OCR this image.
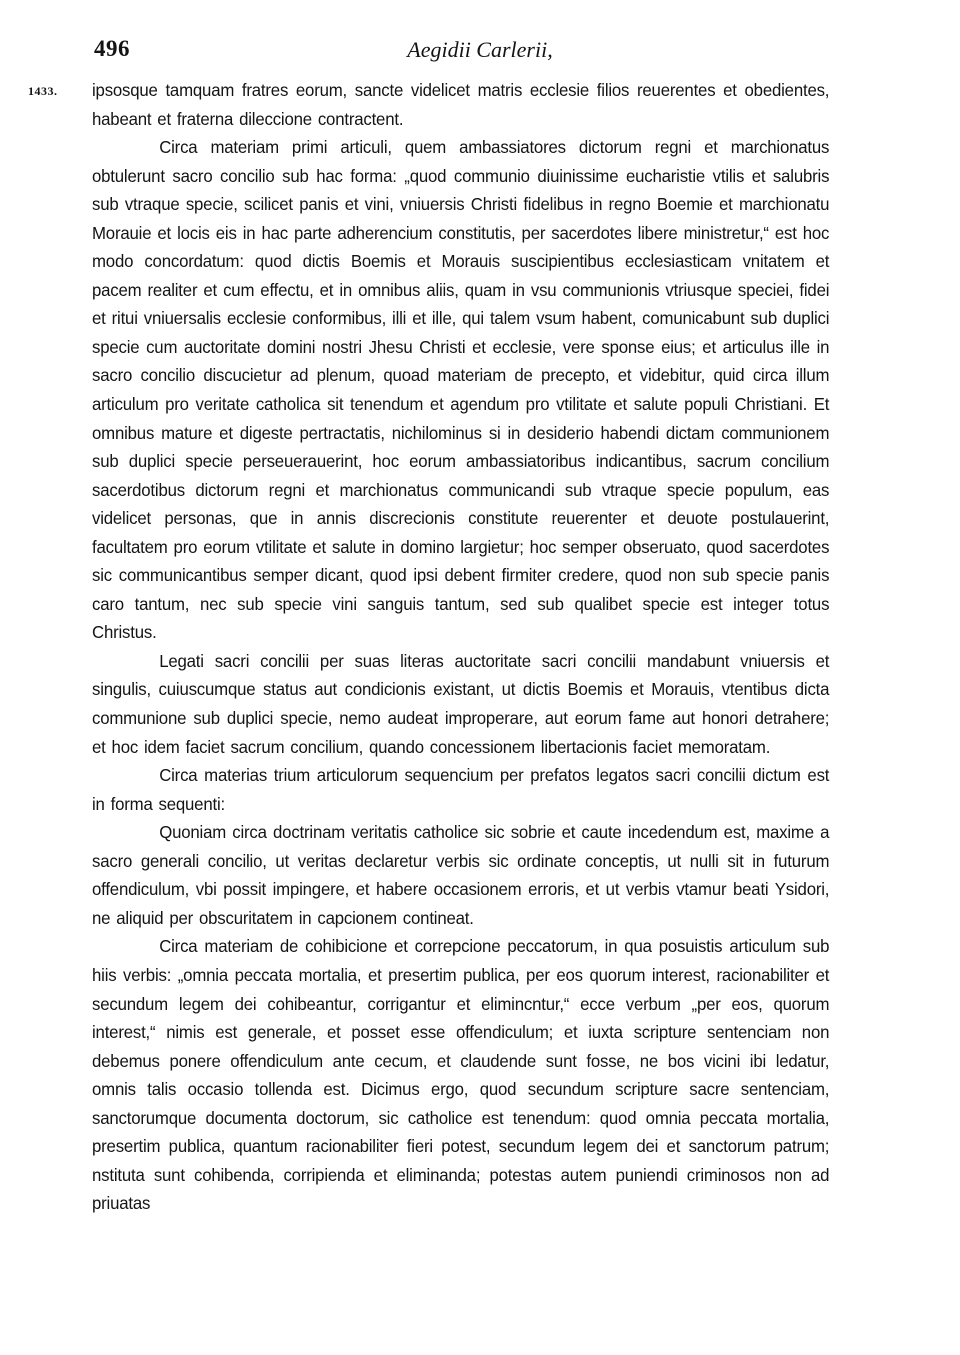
496	Aegidii Carlerii,
1433. ipsosque tamquam fratres eorum, sancte videlicet matris ecclesie filios reuerentes et obedientes, habeant et fraterna dileccione contractent.

Circa materiam primi articuli, quem ambassiatores dictorum regni et marchionatus obtulerunt sacro concilio sub hac forma: „quod communio diuinissime eucharistie vtilis et salubris sub vtraque specie, scilicet panis et vini, vniuersis Christi fidelibus in regno Boemie et marchionatu Morauie et locis eis in hac parte adherencium constitutis, per sacerdotes libere ministretur,“ est hoc modo concordatum: quod dictis Boemis et Morauis suscipientibus ecclesiasticam vnitatem et pacem realiter et cum effectu, et in omnibus aliis, quam in vsu communionis vtriusque speciei, fidei et ritui vniuersalis ecclesie conformibus, illi et ille, qui talem vsum habent, comunicabunt sub duplici specie cum auctoritate domini nostri Jhesu Christi et ecclesie, vere sponse eius; et articulus ille in sacro concilio discucietur ad plenum, quoad materiam de precepto, et videbitur, quid circa illum articulum pro veritate catholica sit tenendum et agendum pro vtilitate et salute populi Christiani. Et omnibus mature et digeste pertractatis, nichilominus si in desiderio habendi dictam communionem sub duplici specie perseuerauerint, hoc eorum ambassiatoribus indicantibus, sacrum concilium sacerdotibus dictorum regni et marchionatus communicandi sub vtraque specie populum, eas videlicet personas, que in annis discrecionis constitute reuerenter et deuote postulauerint, facultatem pro eorum vtilitate et salute in domino largietur; hoc semper obseruato, quod sacerdotes sic communicantibus semper dicant, quod ipsi debent firmiter credere, quod non sub specie panis caro tantum, nec sub specie vini sanguis tantum, sed sub qualibet specie est integer totus Christus.

Legati sacri concilii per suas literas auctoritate sacri concilii mandabunt vniuersis et singulis, cuiuscumque status aut condicionis existant, ut dictis Boemis et Morauis, vtentibus dicta communione sub duplici specie, nemo audeat improperare, aut eorum fame aut honori detrahere; et hoc idem faciet sacrum concilium, quando concessionem libertacionis faciet memoratam.

Circa materias trium articulorum sequencium per prefatos legatos sacri concilii dictum est in forma sequenti:

Quoniam circa doctrinam veritatis catholice sic sobrie et caute incedendum est, maxime a sacro generali concilio, ut veritas declaretur verbis sic ordinate conceptis, ut nulli sit in futurum offendiculum, vbi possit impingere, et habere occasionem erroris, et ut verbis vtamur beati Ysidori, ne aliquid per obscuritatem in capcionem contineat.

Circa materiam de cohibicione et correpcione peccatorum, in qua posuistis articulum sub hiis verbis: „omnia peccata mortalia, et presertim publica, per eos quorum interest, racionabiliter et secundum legem dei cohibeantur, corrigantur et elimincntur,“ ecce verbum „per eos, quorum interest,“ nimis est generale, et posset esse offendiculum; et iuxta scripture sentenciam non debemus ponere offendiculum ante cecum, et claudende sunt fosse, ne bos vicini ibi ledatur, omnis talis occasio tollenda est. Dicimus ergo, quod secundum scripture sacre sentenciam, sanctorumque documenta doctorum, sic catholice est tenendum: quod omnia peccata mortalia, presertim publica, quantum racionabiliter fieri potest, secundum legem dei et sanctorum patrum; nstituta sunt cohibenda, corripienda et eliminanda; potestas autem puniendi criminosos non ad priuatas
